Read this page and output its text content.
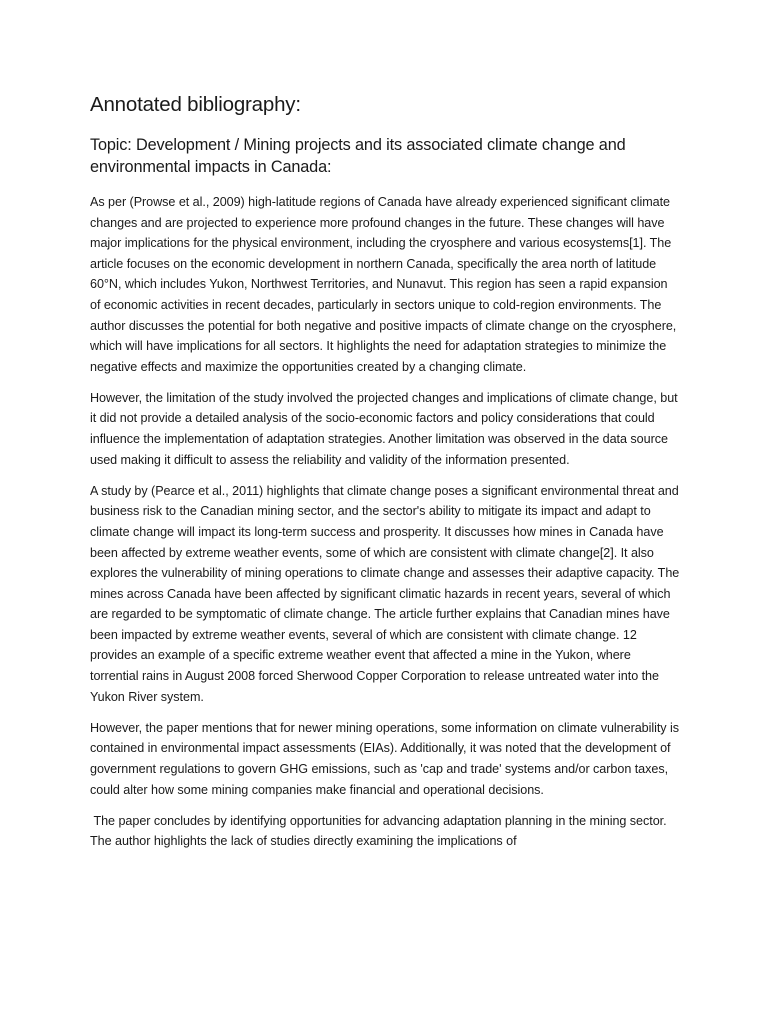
Annotated bibliography:
Topic: Development / Mining projects and its associated climate change and environmental impacts in Canada:

As per (Prowse et al., 2009) high-latitude regions of Canada have already experienced significant climate changes and are projected to experience more profound changes in the future. These changes will have major implications for the physical environment, including the cryosphere and various ecosystems[1]. The article focuses on the economic development in northern Canada, specifically the area north of latitude 60°N, which includes Yukon, Northwest Territories, and Nunavut. This region has seen a rapid expansion of economic activities in recent decades, particularly in sectors unique to cold-region environments. The author discusses the potential for both negative and positive impacts of climate change on the cryosphere, which will have implications for all sectors. It highlights the need for adaptation strategies to minimize the negative effects and maximize the opportunities created by a changing climate.

However, the limitation of the study involved the projected changes and implications of climate change, but it did not provide a detailed analysis of the socio-economic factors and policy considerations that could influence the implementation of adaptation strategies. Another limitation was observed in the data source used making it difficult to assess the reliability and validity of the information presented.

A study by (Pearce et al., 2011) highlights that climate change poses a significant environmental threat and business risk to the Canadian mining sector, and the sector's ability to mitigate its impact and adapt to climate change will impact its long-term success and prosperity. It discusses how mines in Canada have been affected by extreme weather events, some of which are consistent with climate change[2]. It also explores the vulnerability of mining operations to climate change and assesses their adaptive capacity. The mines across Canada have been affected by significant climatic hazards in recent years, several of which are regarded to be symptomatic of climate change. The article further explains that Canadian mines have been impacted by extreme weather events, several of which are consistent with climate change. 12 provides an example of a specific extreme weather event that affected a mine in the Yukon, where torrential rains in August 2008 forced Sherwood Copper Corporation to release untreated water into the Yukon River system.

However, the paper mentions that for newer mining operations, some information on climate vulnerability is contained in environmental impact assessments (EIAs). Additionally, it was noted that the development of government regulations to govern GHG emissions, such as 'cap and trade' systems and/or carbon taxes, could alter how some mining companies make financial and operational decisions.

The paper concludes by identifying opportunities for advancing adaptation planning in the mining sector. The author highlights the lack of studies directly examining the implications of
